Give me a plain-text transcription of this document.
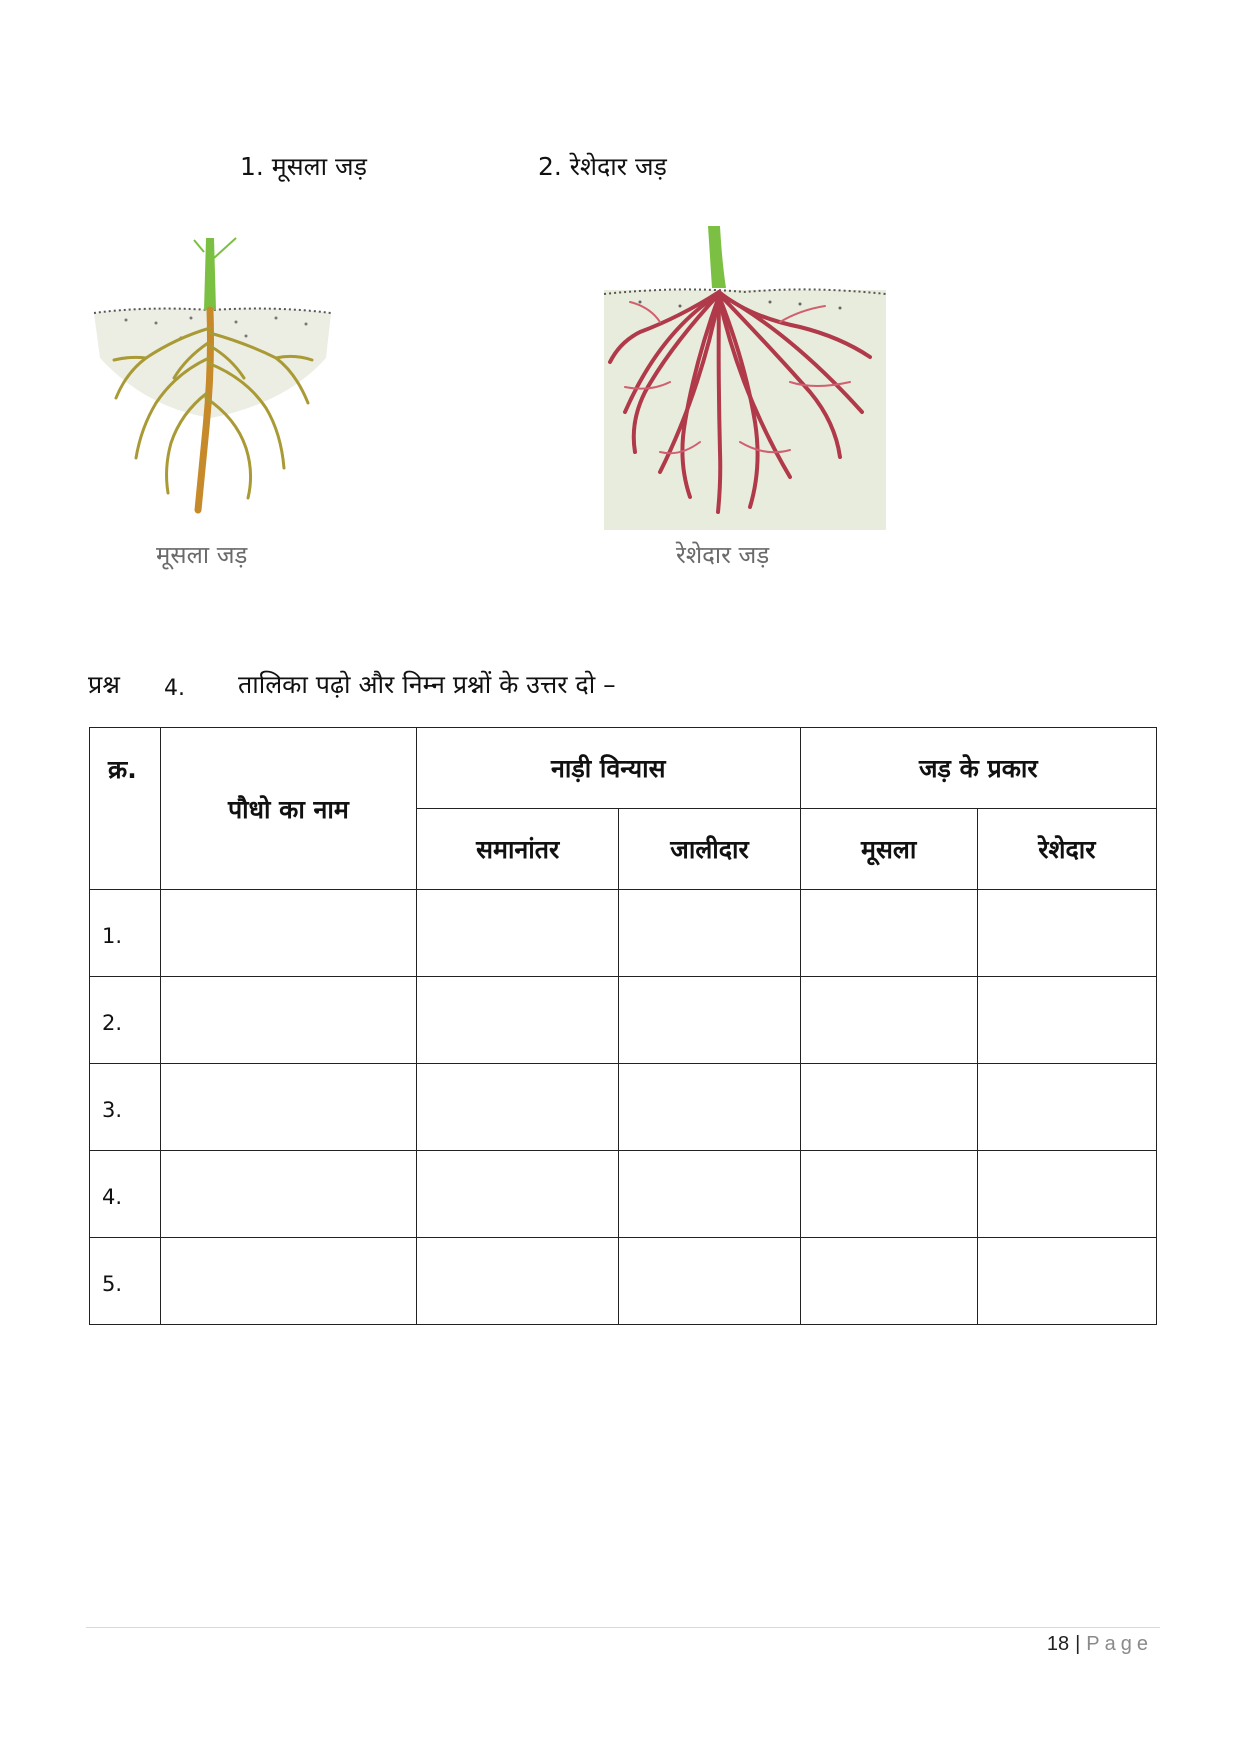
1. मूसला जड़	2. रेशेदार जड़
मूसला जड़	रेशेदार जड़
प्रश्न 4. तालिका पढ़ो और निम्न प्रश्नों के उत्तर दो –
क्र.	पौधो का नाम	नाड़ी विन्यास		जड़ के प्रकार	
		समानांतर	जालीदार	मूसला	रेशेदार
1.					
2.					
3.					
4.					
5.					
18 | Page
